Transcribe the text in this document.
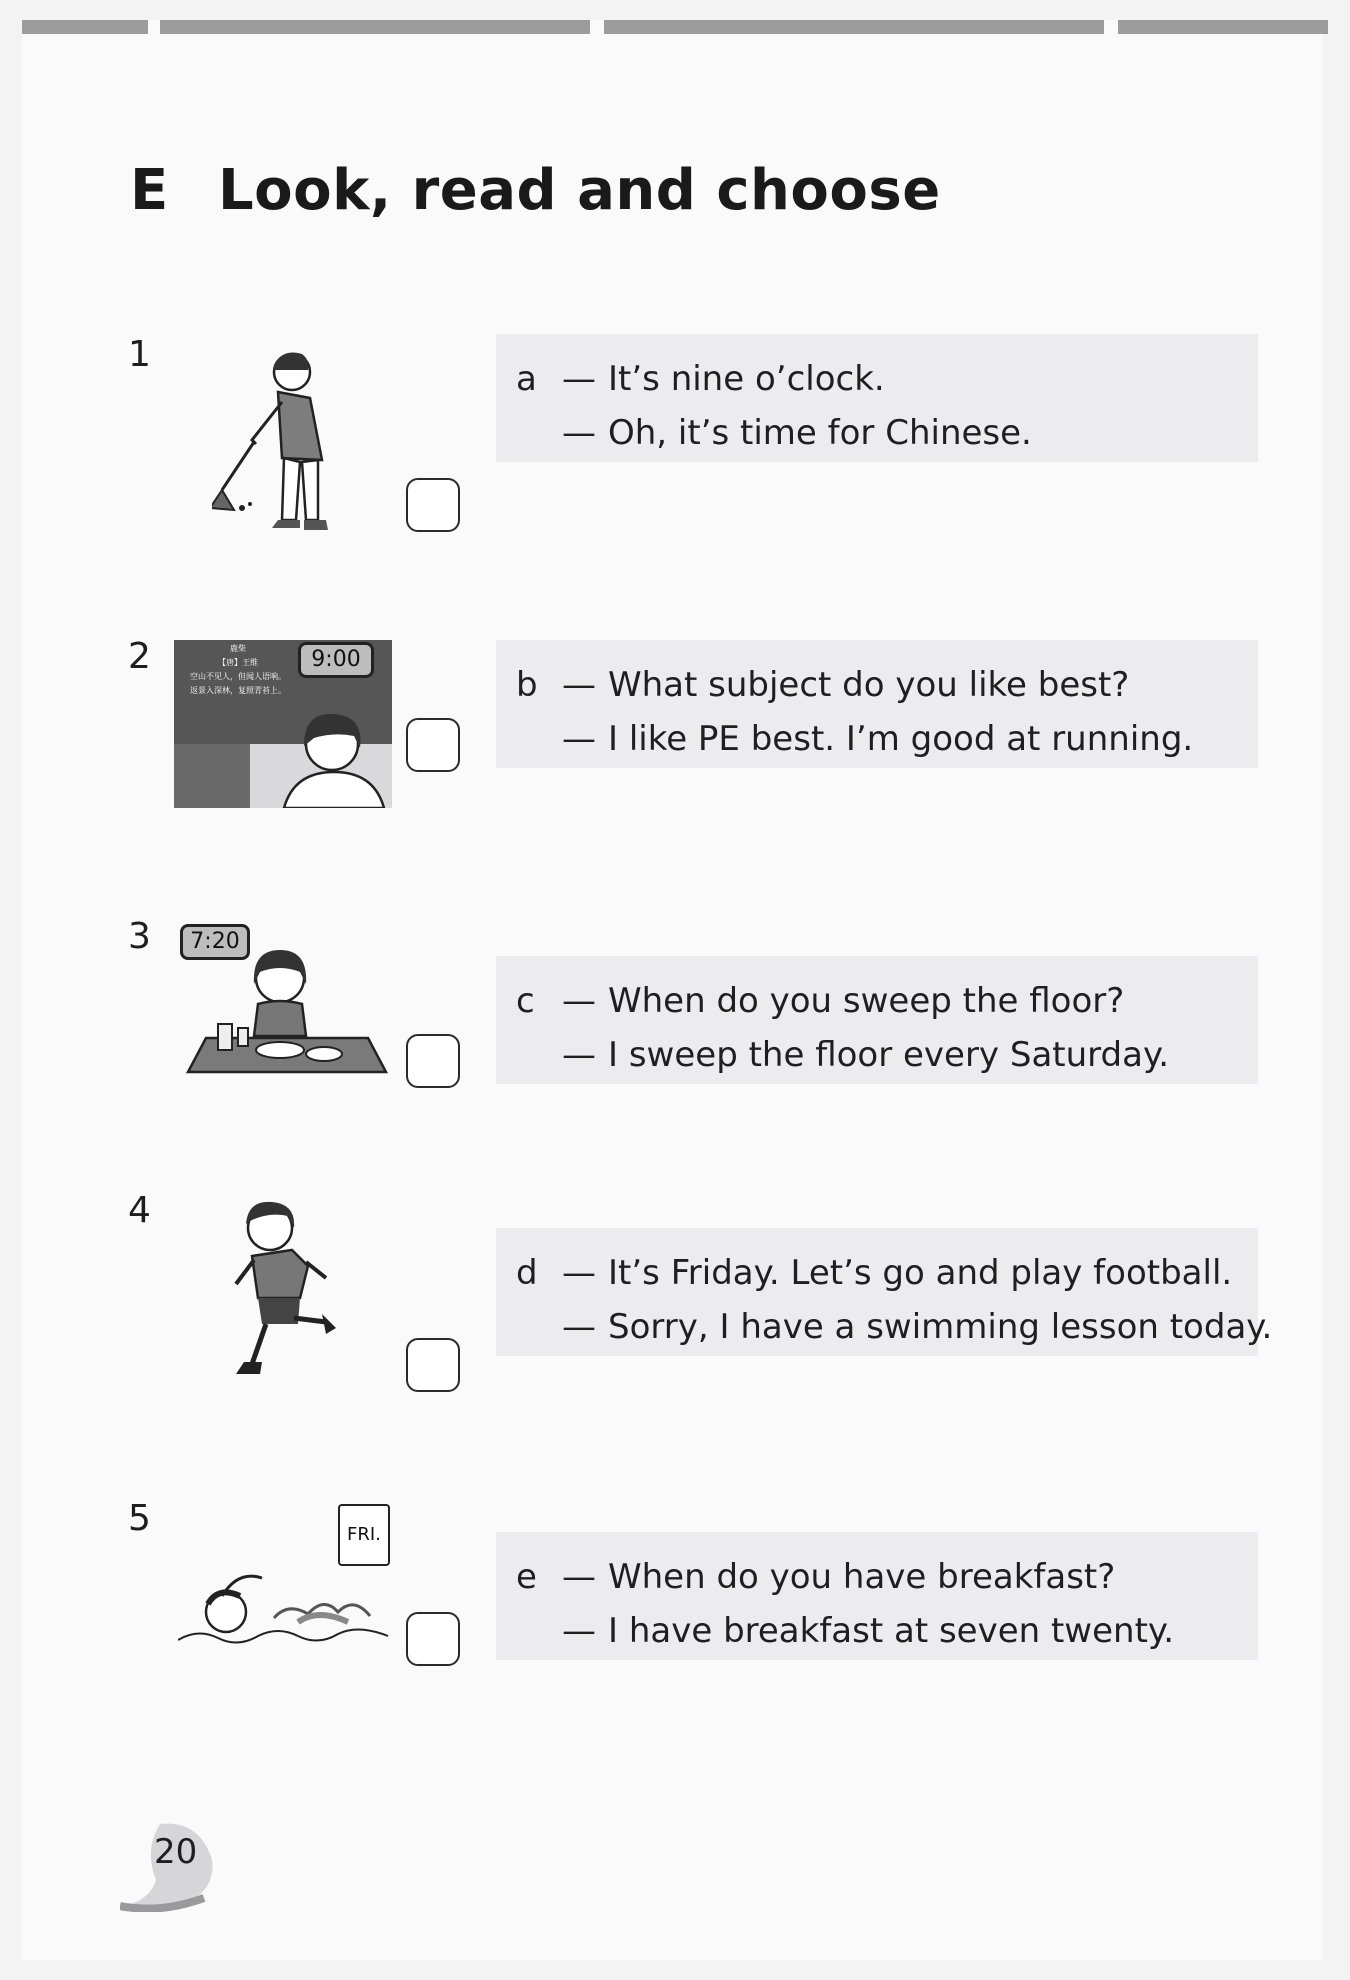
E Look, read and choose
1
2	鹿柴
【唐】王维
空山不见人，但闻人语响。
返景入深林，复照青苔上。
9:00
3	7:20
4
5	FRI.
a — It’s nine o’clock.
— Oh, it’s time for Chinese.
b — What subject do you like best?
— I like PE best. I’m good at running.
c — When do you sweep the floor?
— I sweep the floor every Saturday.
d — It’s Friday. Let’s go and play football.
— Sorry, I have a swimming lesson today.
e — When do you have breakfast?
— I have breakfast at seven twenty.
20
